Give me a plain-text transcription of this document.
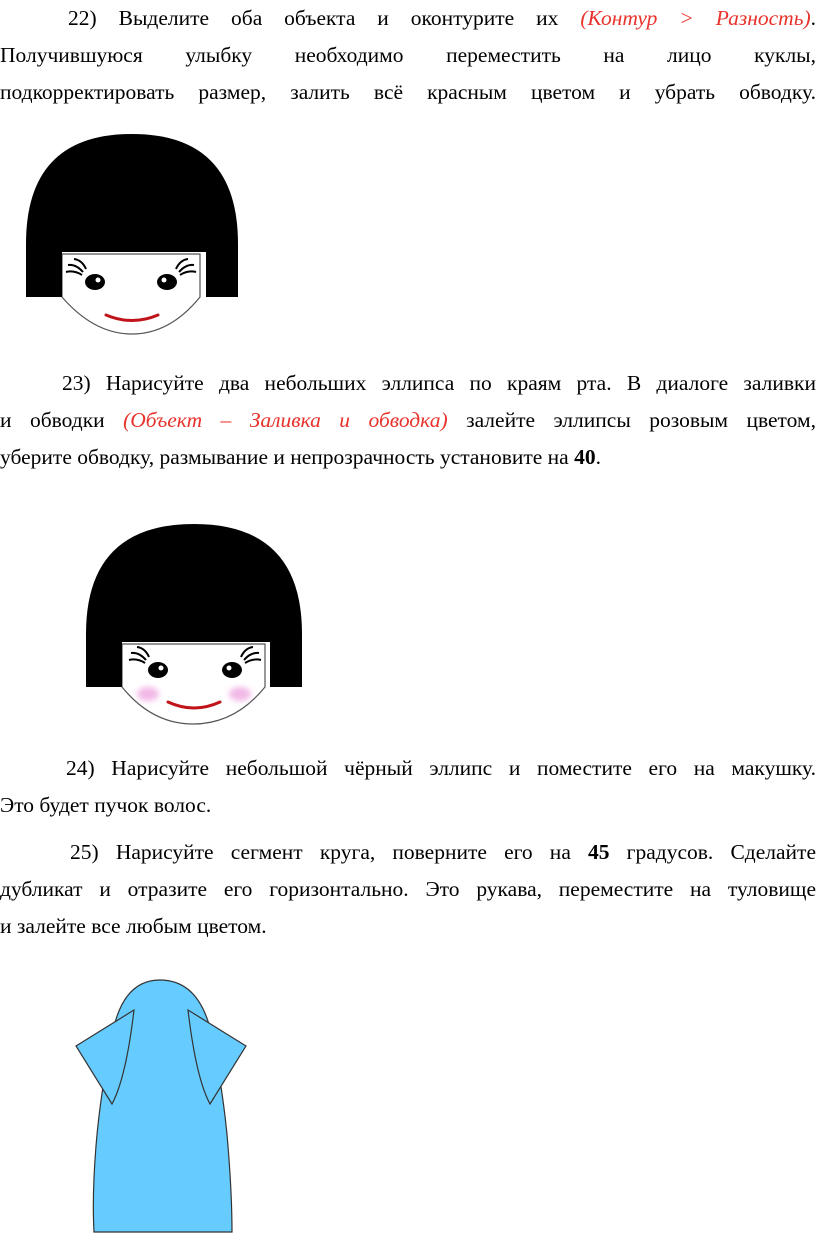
22) Выделите оба объекта и оконтурите их (Контур > Разность).
Получившуюся улыбку необходимо переместить на лицо куклы,
подкорректировать размер, залить всё красным цветом и убрать обводку.
23) Нарисуйте два небольших эллипса по краям рта. В диалоге заливки
и обводки (Объект – Заливка и обводка) залейте эллипсы розовым цветом,
уберите обводку, размывание и непрозрачность установите на 40.
24) Нарисуйте небольшой чёрный эллипс и поместите его на макушку.
Это будет пучок волос.
25) Нарисуйте сегмент круга, поверните его на 45 градусов. Сделайте
дубликат и отразите его горизонтально. Это рукава, переместите на туловище
и залейте все любым цветом.
